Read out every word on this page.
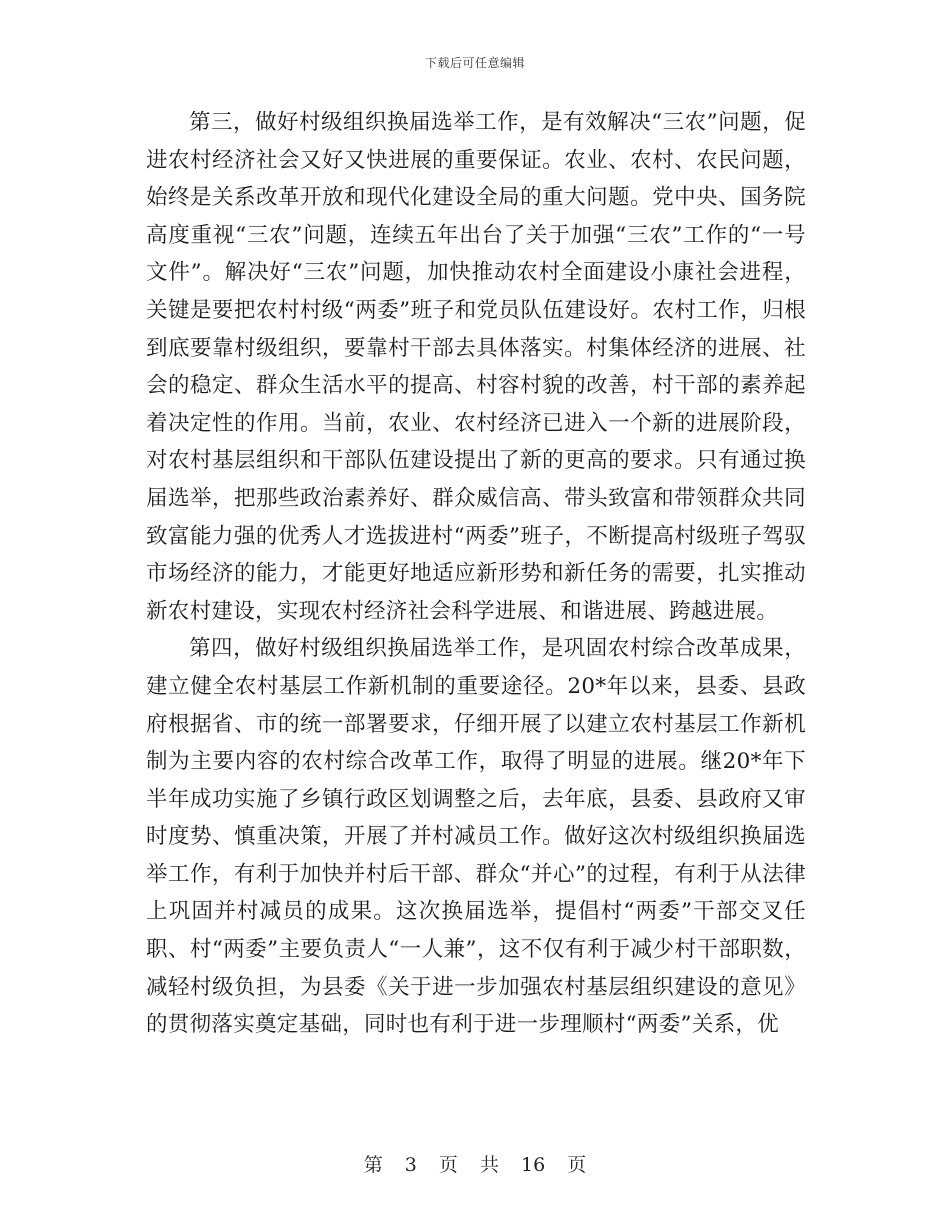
下载后可任意编辑

第三，做好村级组织换届选举工作，是有效解决“三农”问题，促进农村经济社会又好又快进展的重要保证。农业、农村、农民问题，始终是关系改革开放和现代化建设全局的重大问题。党中央、国务院高度重视“三农”问题，连续五年出台了关于加强“三农”工作的“一号文件”。解决好“三农”问题，加快推动农村全面建设小康社会进程，关键是要把农村村级“两委”班子和党员队伍建设好。农村工作，归根到底要靠村级组织，要靠村干部去具体落实。村集体经济的进展、社会的稳定、群众生活水平的提高、村容村貌的改善，村干部的素养起着决定性的作用。当前，农业、农村经济已进入一个新的进展阶段，对农村基层组织和干部队伍建设提出了新的更高的要求。只有通过换届选举，把那些政治素养好、群众威信高、带头致富和带领群众共同致富能力强的优秀人才选拔进村“两委”班子，不断提高村级班子驾驭市场经济的能力，才能更好地适应新形势和新任务的需要，扎实推动新农村建设，实现农村经济社会科学进展、和谐进展、跨越进展。

第四，做好村级组织换届选举工作，是巩固农村综合改革成果，建立健全农村基层工作新机制的重要途径。20*年以来，县委、县政府根据省、市的统一部署要求，仔细开展了以建立农村基层工作新机制为主要内容的农村综合改革工作，取得了明显的进展。继20*年下半年成功实施了乡镇行政区划调整之后，去年底，县委、县政府又审时度势、慎重决策，开展了并村减员工作。做好这次村级组织换届选举工作，有利于加快并村后干部、群众“并心”的过程，有利于从法律上巩固并村减员的成果。这次换届选举，提倡村“两委”干部交叉任职、村“两委”主要负责人“一人兼”，这不仅有利于减少村干部职数，减轻村级负担，为县委《关于进一步加强农村基层组织建设的意见》的贯彻落实奠定基础，同时也有利于进一步理顺村“两委”关系，优

第 3 页 共 16 页
